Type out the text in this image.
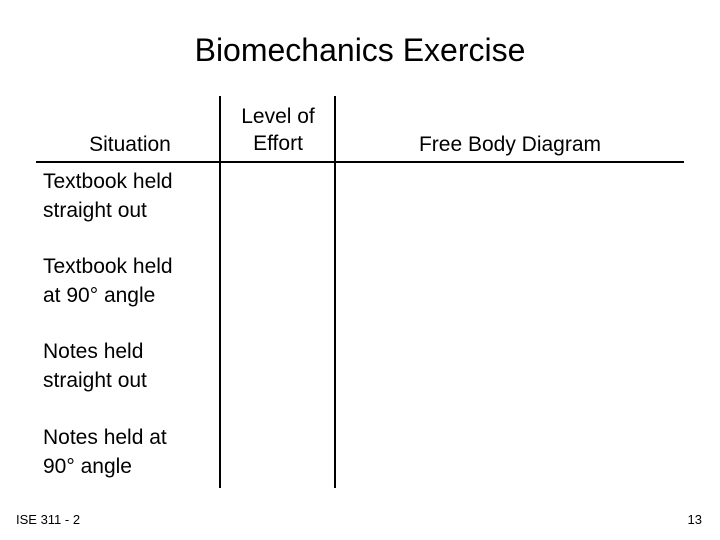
Biomechanics Exercise
Situation
Level of
Effort	Free Body Diagram
Textbook held
straight out
Textbook held
at 90° angle
Notes held
straight out
Notes held at
90° angle
ISE 311 - 2	13
